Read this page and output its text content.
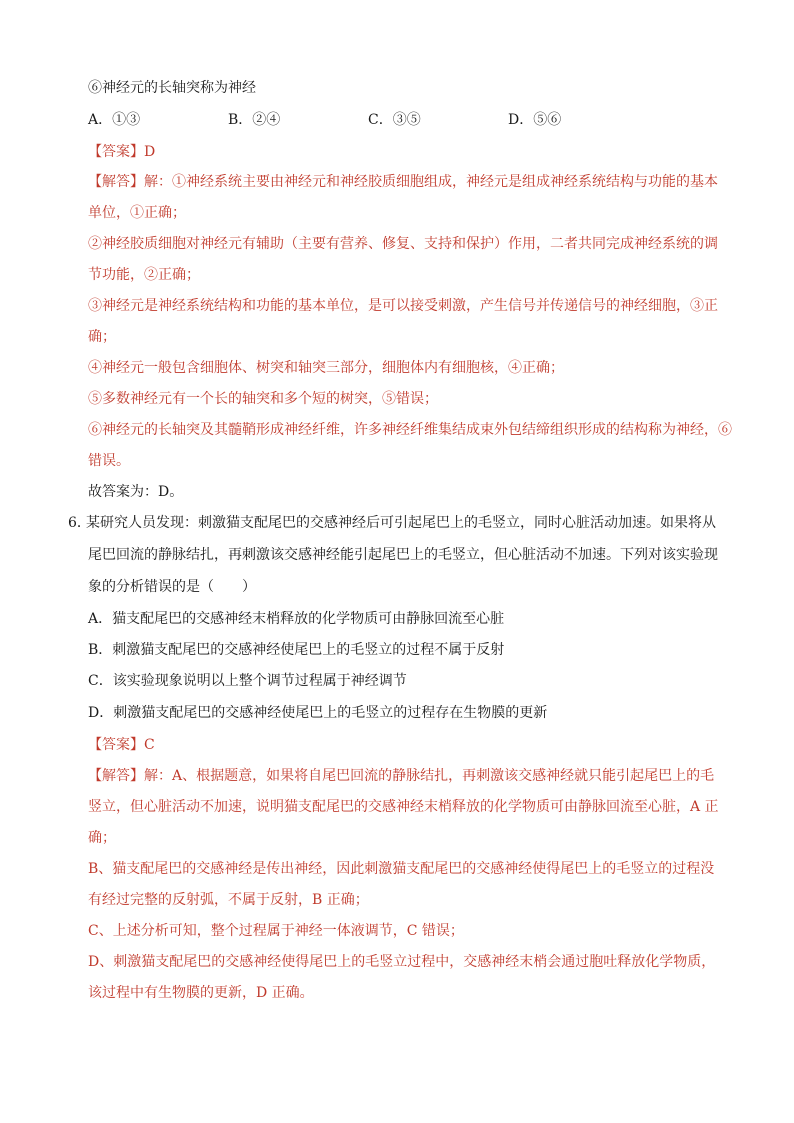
⑥神经元的长轴突称为神经
A．①③	B．②④	C．③⑤	D．⑤⑥
【答案】D
【解答】解：①神经系统主要由神经元和神经胶质细胞组成，神经元是组成神经系统结构与功能的基本
单位，①正确；
②神经胶质细胞对神经元有辅助（主要有营养、修复、支持和保护）作用，二者共同完成神经系统的调
节功能，②正确；
③神经元是神经系统结构和功能的基本单位，是可以接受刺激，产生信号并传递信号的神经细胞，③正
确；
④神经元一般包含细胞体、树突和轴突三部分，细胞体内有细胞核，④正确；
⑤多数神经元有一个长的轴突和多个短的树突，⑤错误；
⑥神经元的长轴突及其髓鞘形成神经纤维，许多神经纤维集结成束外包结缔组织形成的结构称为神经，⑥
错误。
故答案为：D。
6．某研究人员发现：刺激猫支配尾巴的交感神经后可引起尾巴上的毛竖立，同时心脏活动加速。如果将从
尾巴回流的静脉结扎，再刺激该交感神经能引起尾巴上的毛竖立，但心脏活动不加速。下列对该实验现
象的分析错误的是（　　）
A．猫支配尾巴的交感神经末梢释放的化学物质可由静脉回流至心脏
B．刺激猫支配尾巴的交感神经使尾巴上的毛竖立的过程不属于反射
C．该实验现象说明以上整个调节过程属于神经调节
D．刺激猫支配尾巴的交感神经使尾巴上的毛竖立的过程存在生物膜的更新
【答案】C
【解答】解：A、根据题意，如果将自尾巴回流的静脉结扎，再刺激该交感神经就只能引起尾巴上的毛
竖立，但心脏活动不加速，说明猫支配尾巴的交感神经末梢释放的化学物质可由静脉回流至心脏，A 正
确；
B、猫支配尾巴的交感神经是传出神经，因此刺激猫支配尾巴的交感神经使得尾巴上的毛竖立的过程没
有经过完整的反射弧，不属于反射，B 正确；
C、上述分析可知，整个过程属于神经一体液调节，C 错误；
D、刺激猫支配尾巴的交感神经使得尾巴上的毛竖立过程中，交感神经末梢会通过胞吐释放化学物质，
该过程中有生物膜的更新，D 正确。
